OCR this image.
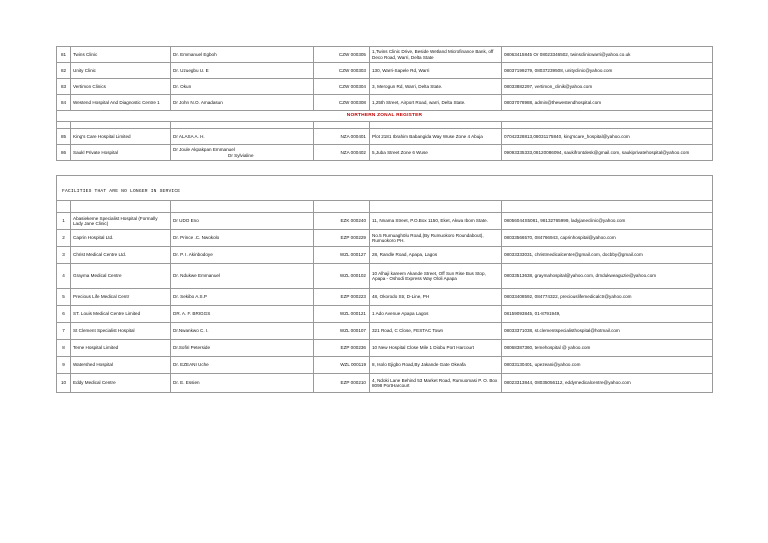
81	Twins Clinic	Dr. Emmanuel Egboh	CZW 000305	1,Twins Clinic Drive, Beside Wetland Microfinance Bank, off Deco Road, Warri, Delta State	08063415845 Or 08023346502, twinsclinicwarri@yahoo.co.uk
82	Unity Clinic	Dr. Uzuegbu U. E	CZW 000303	130, Warri-Sapele Rd, Warri	08037199279, 08037239508, unityclinic@yahoo.com
83	Vertimon Clinics	Dr. Okun	CZW 000304	3, Merogun Rd, Warri, Delta State.	08033882297, vertimon_clinik@yahoo.com
84	Westend Hospital And Diagnostic Centre 1	Dr John N.O. Amadasun	CZW 000308	1,25th Street, Airport Road, warri, Delta State.	08037078988, admin@thewestendhospital.com
NORTHERN ZONAL REGISTER					

85	King's Care Hospital Limited	Dr ALASA A. H.	NZA 000401	Plot 2181 Ibrahim Babangida Way Wuse Zone 4 Abuja	07042328813,08031175840, king'scare_hospital@yahoo.com
86	Saukl Private Hospital	Dr Joule Akpakpan EmmanuelDr Sylvialine	NZA 000402	5,Juba Street Zone 6 Wuse	09093335333,08120086094, saukifrontdesk@gmail.com, saukiprivatehospital@yahoo.com

1	Abasiekeme Specialist Hospital (Formally Lady Jane Clinic)	Dr UDO Eno	EZK 000240	11, Nnama Street, P.O.Box 1150, Eket, Akwa Ibom State.	08056044S5081, 98132765999, ladyjaneclinic@yahoo.com
2	Caprin Hospital Ltd.	Dr. Prince .C. Nwokolo	EZP 000229	No.5 Rumuaghölu Road,(By Rumuokoro Roundabout), Rumuokoro PH.	08033566570, 084766943, caprinhospital@yahoo.com
3	Christ Medical Centre Ltd.	Dr. P. I. Akinbodoye	WZL 000127	28, Randle Road, Apapa, Lagos	08033333031, christmedicalcenter@gmail.com, docbby@gmail.com
4	Grayma Medical Centre	Dr. Ndukwe Emmanuel	WZL 000102	10 Alhaji kareem Akande Street, Off Sun Rise Bus Stop, Apapa - Oshodi Express Way Ololi Apapa	08033513638, graymahospital@yahoo.com, drndukweaguzie@yahoo.com
5	Precious Life Medical Centr	Dr. Sekibo A.S.P	EZP 000223	48, Okorodo Str, D-Line, PH	08033408592, 084774322, preciouslifemedicalctr@yahoo.com
6	ST. Louis Medical Centre Limited	DR. A. F. BRIGGS	WZL 000121	1 Ado Avenue Apapa Lagos	08159093845, 01-8791949,
7	St Clement Specialist Hospital	Dr.Nwankwo C. I.	WZL 000107	321 Road, C Close, FESTAC Town	08033371038, st.clementspecialisthospital@hotmail.com
8	Teme Hospital Limited	Dr.Sofiri Peterside	EZP 000236	10 New Hospital Close Mile 1 Diobu Port Harcourt	08068387360, temehospital @ yahoo.com
9	Watershed Hospital	Dr. EZEANI Uche	WZL 000119	8, Isolo Ejigbo Road,By Jakande Gate Okeafa	08033130401, upezeani@yahoo.com
10	Eddy Medical Centre	Dr. E. Essien	EZP 000210	4, Ndoki Lane Behind 53 Market Road, Rumuomasi P. O. Box 8098 PortHarcourt	08023313844, 08035056112, eddymedicalcentre@yahoo.com
FACILITIES THAT ARE NO LONGER IN SERVICE
